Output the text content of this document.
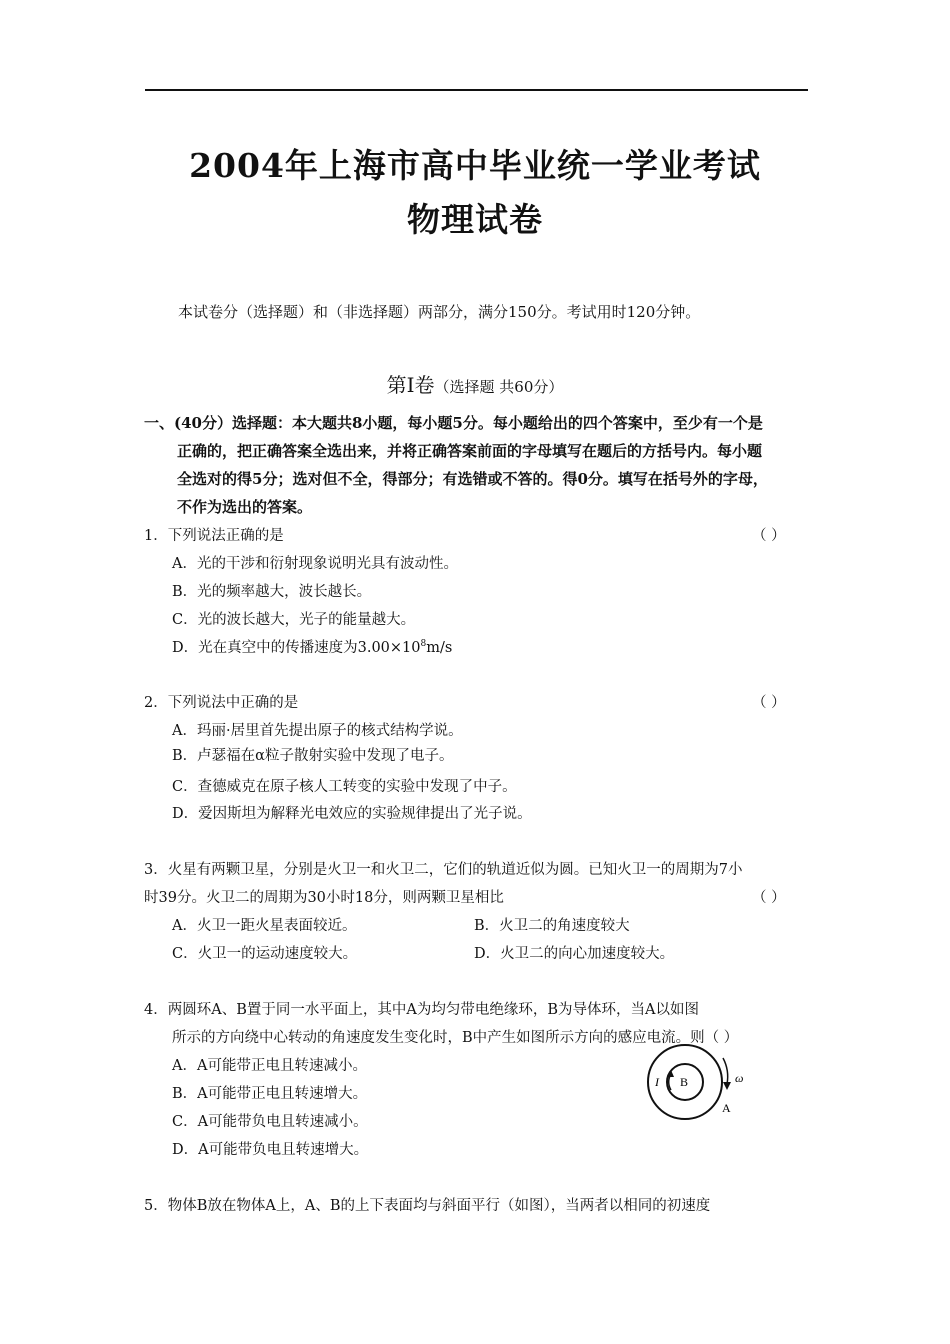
2004年上海市高中毕业统一学业考试
物理试卷
本试卷分（选择题）和（非选择题）两部分，满分150分。考试用时120分钟。
第Ⅰ卷（选择题 共60分）
一、(40分）选择题：本大题共8小题，每小题5分。每小题给出的四个答案中，至少有一个是
正确的，把正确答案全选出来，并将正确答案前面的字母填写在题后的方括号内。每小题
全选对的得5分；选对但不全，得部分；有选错或不答的。得0分。填写在括号外的字母，
不作为选出的答案。
1．下列说法正确的是	（ ）
A．光的干涉和衍射现象说明光具有波动性。
B．光的频率越大，波长越长。
C．光的波长越大，光子的能量越大。
D．光在真空中的传播速度为$3.00\times 10^8m/s$
2．下列说法中正确的是	（ ）
A．玛丽·居里首先提出原子的核式结构学说。
B．卢瑟福在α粒子散射实验中发现了电子。
C．查德威克在原子核人工转变的实验中发现了中子。
D．爱因斯坦为解释光电效应的实验规律提出了光子说。
3．火星有两颗卫星，分别是火卫一和火卫二，它们的轨道近似为圆。已知火卫一的周期为7小
时39分。火卫二的周期为30小时18分，则两颗卫星相比	（ ）
A．火卫一距火星表面较近。	B．火卫二的角速度较大
C．火卫一的运动速度较大。	D．火卫二的向心加速度较大。
4．两圆环A、B置于同一水平面上，其中A为均匀带电绝缘环，B为导体环，当A以如图
所示的方向绕中心转动的角速度发生变化时，B中产生如图所示方向的感应电流。则（ ）
A．A可能带正电且转速减小。
B．A可能带正电且转速增大。
C．A可能带负电且转速减小。
D．A可能带负电且转速增大。
I B
A
ω
5．物体B放在物体A上，A、B的上下表面均与斜面平行（如图），当两者以相同的初速度
